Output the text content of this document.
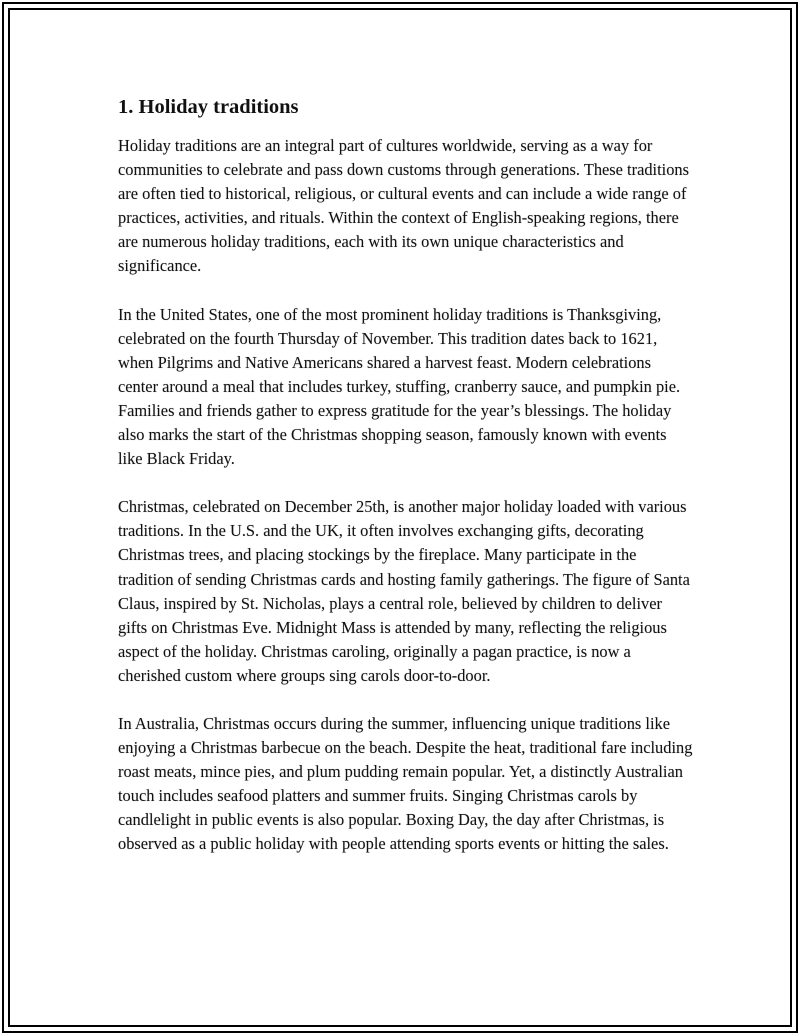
1. Holiday traditions

Holiday traditions are an integral part of cultures worldwide, serving as a way for communities to celebrate and pass down customs through generations. These traditions are often tied to historical, religious, or cultural events and can include a wide range of practices, activities, and rituals. Within the context of English-speaking regions, there are numerous holiday traditions, each with its own unique characteristics and significance.

In the United States, one of the most prominent holiday traditions is Thanksgiving, celebrated on the fourth Thursday of November. This tradition dates back to 1621, when Pilgrims and Native Americans shared a harvest feast. Modern celebrations center around a meal that includes turkey, stuffing, cranberry sauce, and pumpkin pie. Families and friends gather to express gratitude for the year’s blessings. The holiday also marks the start of the Christmas shopping season, famously known with events like Black Friday.

Christmas, celebrated on December 25th, is another major holiday loaded with various traditions. In the U.S. and the UK, it often involves exchanging gifts, decorating Christmas trees, and placing stockings by the fireplace. Many participate in the tradition of sending Christmas cards and hosting family gatherings. The figure of Santa Claus, inspired by St. Nicholas, plays a central role, believed by children to deliver gifts on Christmas Eve. Midnight Mass is attended by many, reflecting the religious aspect of the holiday. Christmas caroling, originally a pagan practice, is now a cherished custom where groups sing carols door-to-door.

In Australia, Christmas occurs during the summer, influencing unique traditions like enjoying a Christmas barbecue on the beach. Despite the heat, traditional fare including roast meats, mince pies, and plum pudding remain popular. Yet, a distinctly Australian touch includes seafood platters and summer fruits. Singing Christmas carols by candlelight in public events is also popular. Boxing Day, the day after Christmas, is observed as a public holiday with people attending sports events or hitting the sales.
